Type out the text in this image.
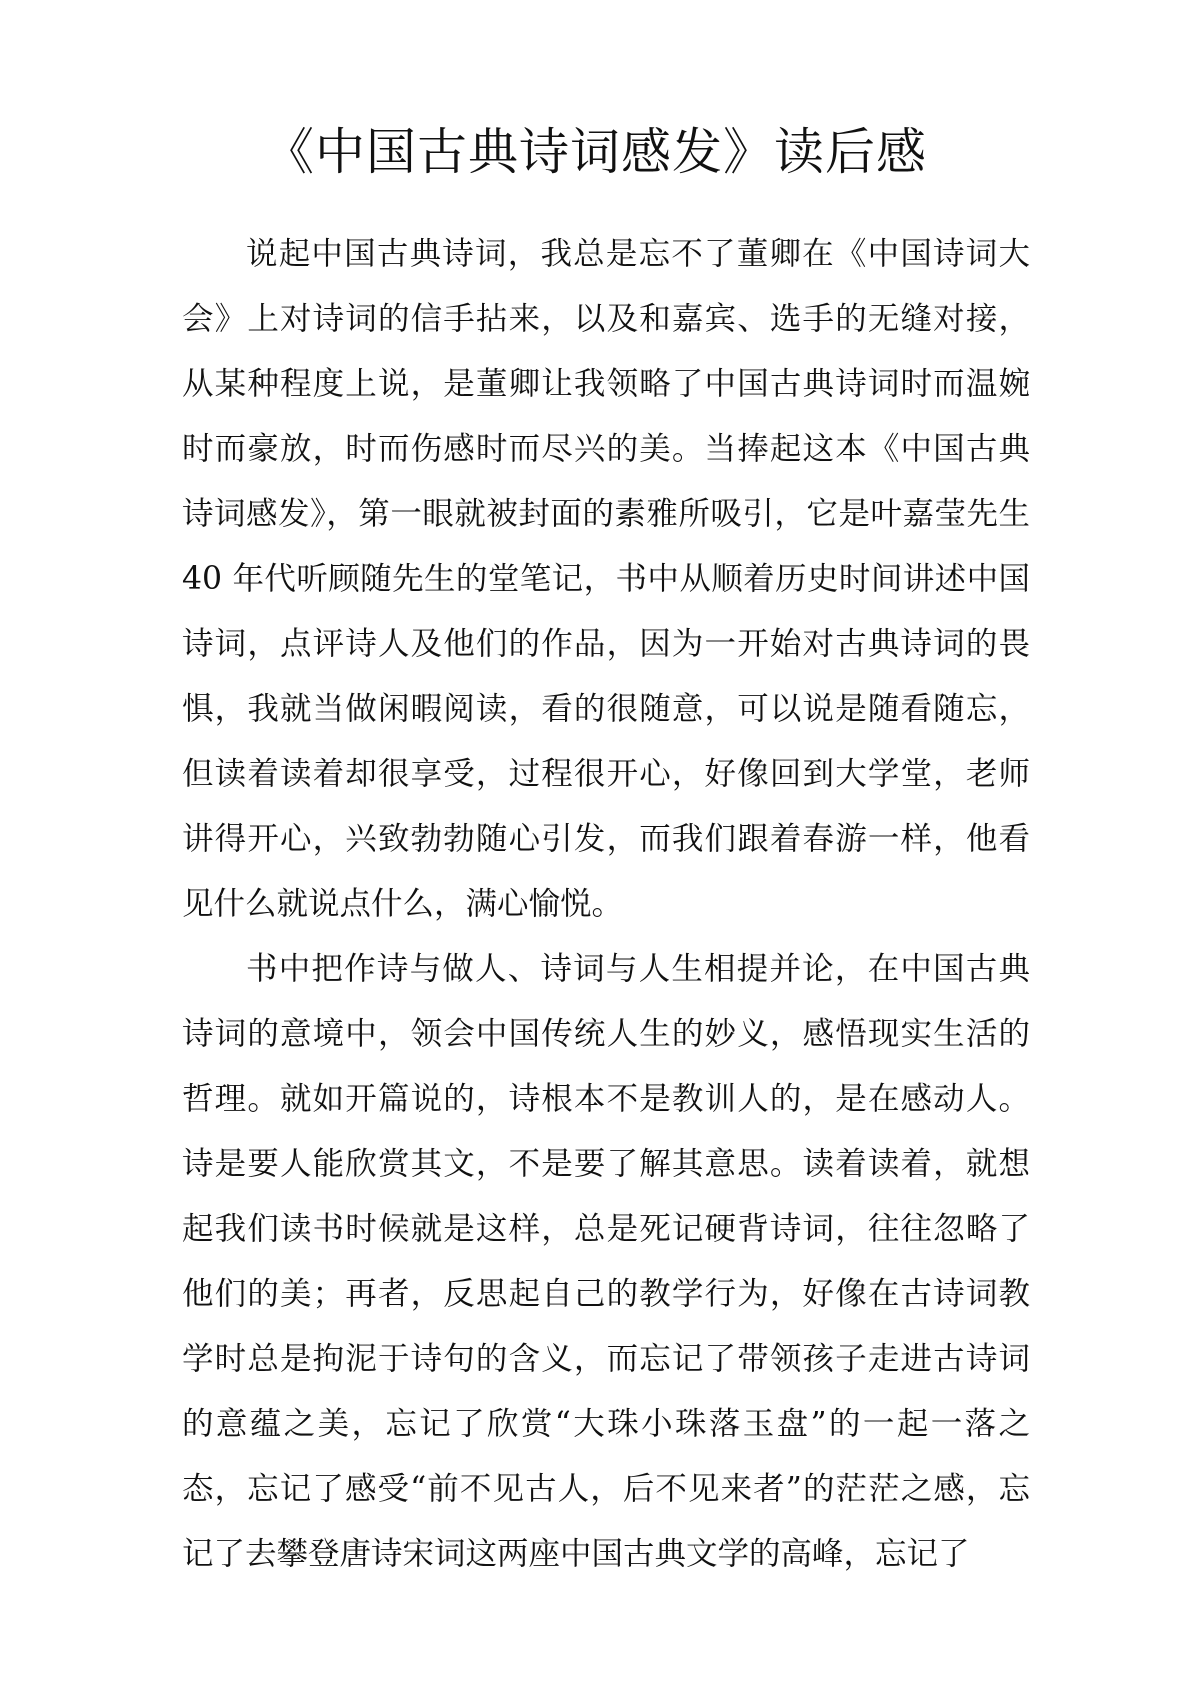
《中国古典诗词感发》读后感

说起中国古典诗词，我总是忘不了董卿在《中国诗词大会》上对诗词的信手拈来，以及和嘉宾、选手的无缝对接，从某种程度上说，是董卿让我领略了中国古典诗词时而温婉时而豪放，时而伤感时而尽兴的美。当捧起这本《中国古典诗词感发》，第一眼就被封面的素雅所吸引，它是叶嘉莹先生 40 年代听顾随先生的堂笔记，书中从顺着历史时间讲述中国诗词，点评诗人及他们的作品，因为一开始对古典诗词的畏惧，我就当做闲暇阅读，看的很随意，可以说是随看随忘，但读着读着却很享受，过程很开心，好像回到大学堂，老师讲得开心，兴致勃勃随心引发，而我们跟着春游一样，他看见什么就说点什么，满心愉悦。

书中把作诗与做人、诗词与人生相提并论，在中国古典诗词的意境中，领会中国传统人生的妙义，感悟现实生活的哲理。就如开篇说的，诗根本不是教训人的，是在感动人。诗是要人能欣赏其文，不是要了解其意思。读着读着，就想起我们读书时候就是这样，总是死记硬背诗词，往往忽略了他们的美；再者，反思起自己的教学行为，好像在古诗词教学时总是拘泥于诗句的含义，而忘记了带领孩子走进古诗词的意蕴之美，忘记了欣赏“大珠小珠落玉盘”的一起一落之态，忘记了感受“前不见古人，后不见来者”的茫茫之感，忘记了去攀登唐诗宋词这两座中国古典文学的高峰，忘记了
